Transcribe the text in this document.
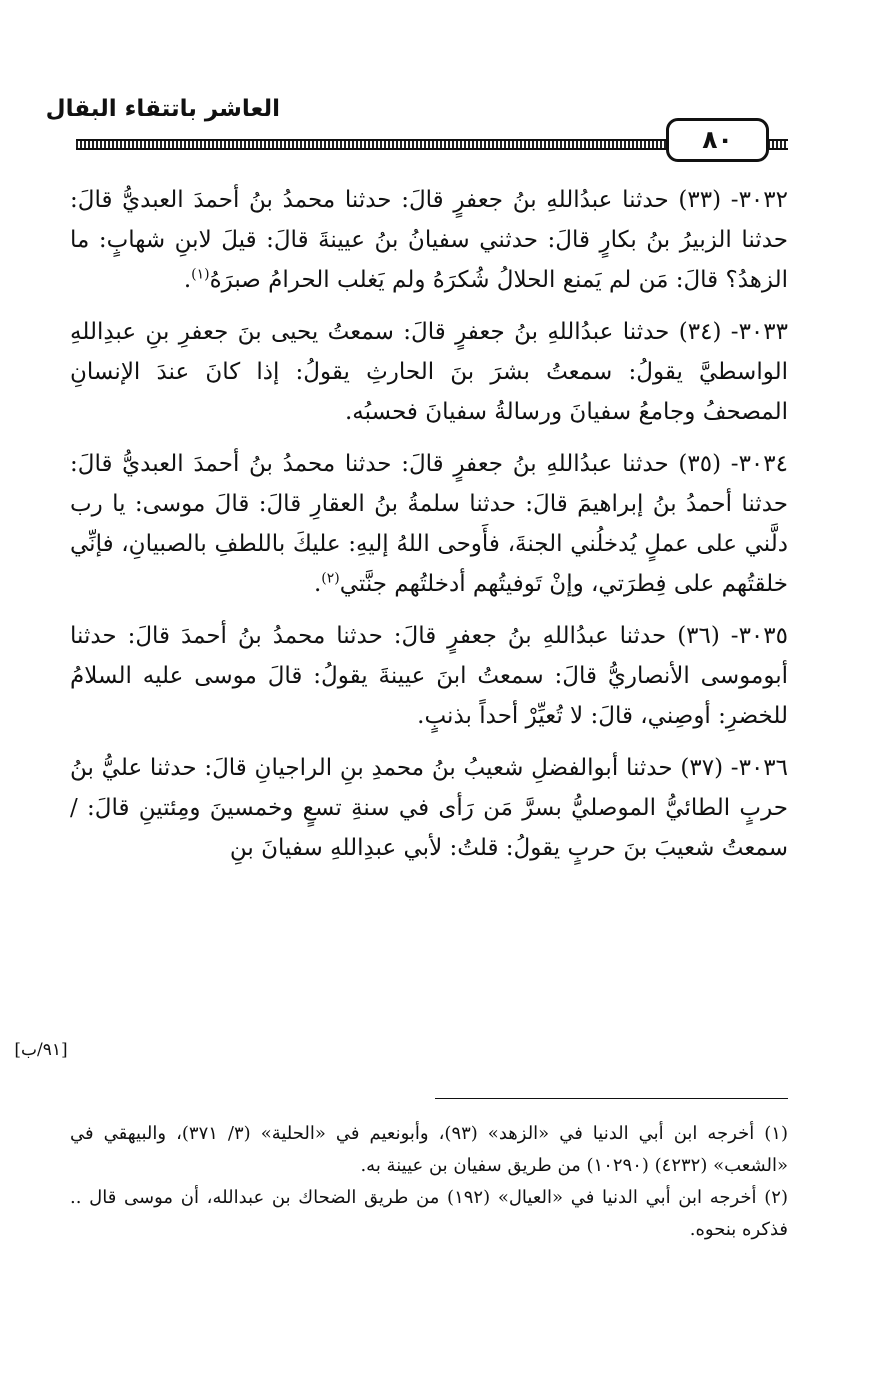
العاشر باتتقاء البقال
٨٠

٣٠٣٢- (٣٣) حدثنا عبدُاللهِ بنُ جعفرٍ قالَ: حدثنا محمدُ بنُ أحمدَ العبديُّ قالَ: حدثنا الزبيرُ بنُ بكارٍ قالَ: حدثني سفيانُ بنُ عيينةَ قالَ: قيلَ لابنِ شهابٍ: ما الزهدُ؟ قالَ: مَن لم يَمنع الحلالُ شُكرَهُ ولم يَغلب الحرامُ صبرَهُ$^{(١)}$.

٣٠٣٣- (٣٤) حدثنا عبدُاللهِ بنُ جعفرٍ قالَ: سمعتُ يحيى بنَ جعفرِ بنِ عبدِاللهِ الواسطيَّ يقولُ: سمعتُ بشرَ بنَ الحارثِ يقولُ: إذا كانَ عندَ الإنسانِ المصحفُ وجامعُ سفيانَ ورسالةُ سفيانَ فحسبُه.

٣٠٣٤- (٣٥) حدثنا عبدُاللهِ بنُ جعفرٍ قالَ: حدثنا محمدُ بنُ أحمدَ العبديُّ قالَ: حدثنا أحمدُ بنُ إبراهيمَ قالَ: حدثنا سلمةُ بنُ العقارِ قالَ: قالَ موسى: يا رب دلَّني على عملٍ يُدخلُني الجنةَ، فأَوحى اللهُ إليهِ: عليكَ باللطفِ بالصبيانِ، فإنِّي خلقتُهم على فِطرَتي، وإنْ تَوفيتُهم أدخلتُهم جنَّتي$^{(٢)}$.

٣٠٣٥- (٣٦) حدثنا عبدُاللهِ بنُ جعفرٍ قالَ: حدثنا محمدُ بنُ أحمدَ قالَ: حدثنا أبوموسى الأنصاريُّ قالَ: سمعتُ ابنَ عيينةَ يقولُ: قالَ موسى عليه السلامُ للخضرِ: أوصِني، قالَ: لا تُعيِّرْ أحداً بذنبٍ.

٣٠٣٦- (٣٧) حدثنا أبوالفضلِ شعيبُ بنُ محمدِ بنِ الراجيانِ قالَ: حدثنا عليُّ بنُ حربٍ الطائيُّ الموصليُّ بسرَّ مَن رَأى في سنةِ تسعٍ وخمسينَ ومِئتينِ قالَ: / سمعتُ شعيبَ بنَ حربٍ يقولُ: قلتُ: لأبي عبدِاللهِ سفيانَ بنِ

[٩١/ب]

(١) أخرجه ابن أبي الدنيا في «الزهد» (٩٣)، وأبونعيم في «الحلية» (٣/ ٣٧١)، والبيهقي في «الشعب» (٤٢٣٢) (١٠٢٩٠) من طريق سفيان بن عيينة به.

(٢) أخرجه ابن أبي الدنيا في «العيال» (١٩٢) من طريق الضحاك بن عبدالله، أن موسى قال .. فذكره بنحوه.
